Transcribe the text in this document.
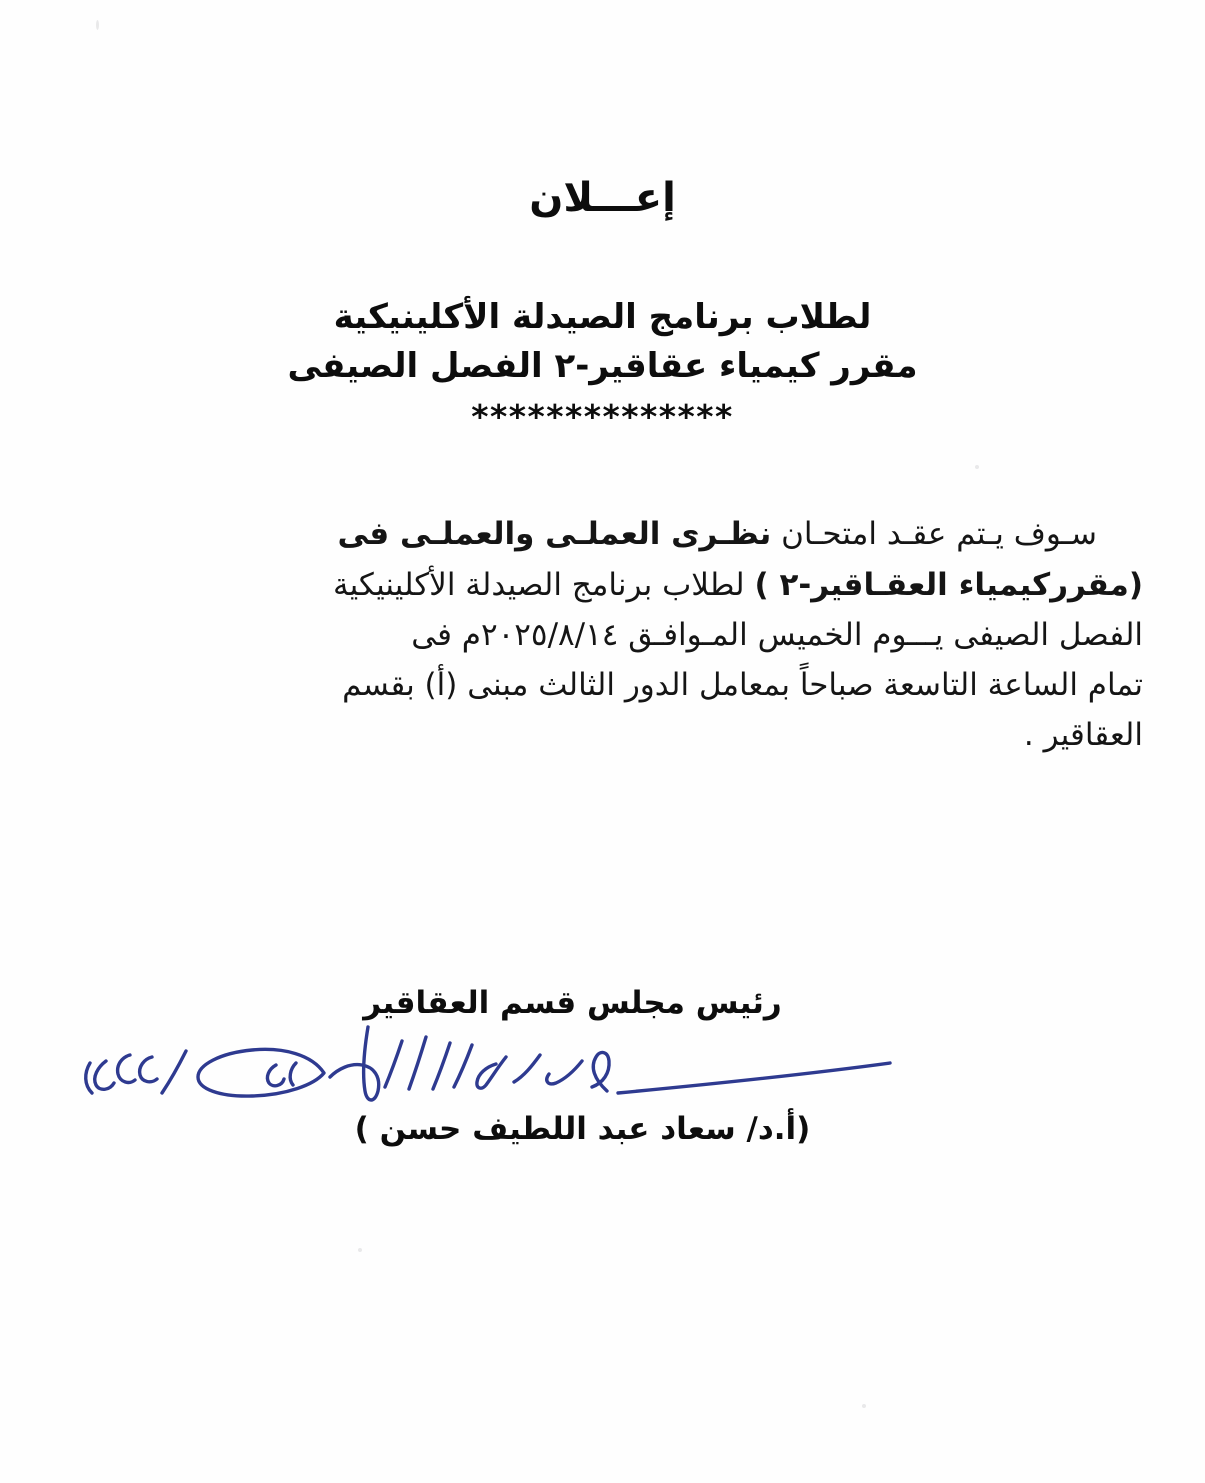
إعـــلان
لطلاب برنامج الصيدلة الأكلينيكية
مقرر كيمياء عقاقير-٢ الفصل الصيفى
**************
سـوف يـتم عقـد امتحـان نظـرى العملـى والعملـى فى
(مقرركيمياء العقـاقير-٢ ) لطلاب برنامج الصيدلة الأكلينيكية
الفصل الصيفى يـــوم الخميس المـوافـق ٢٠٢٥/٨/١٤م فى
تمام الساعة التاسعة صباحاً بمعامل الدور الثالث مبنى (أ) بقسم
العقاقير .
رئيس مجلس قسم العقاقير
(أ.د/ سعاد عبد اللطيف حسن )
